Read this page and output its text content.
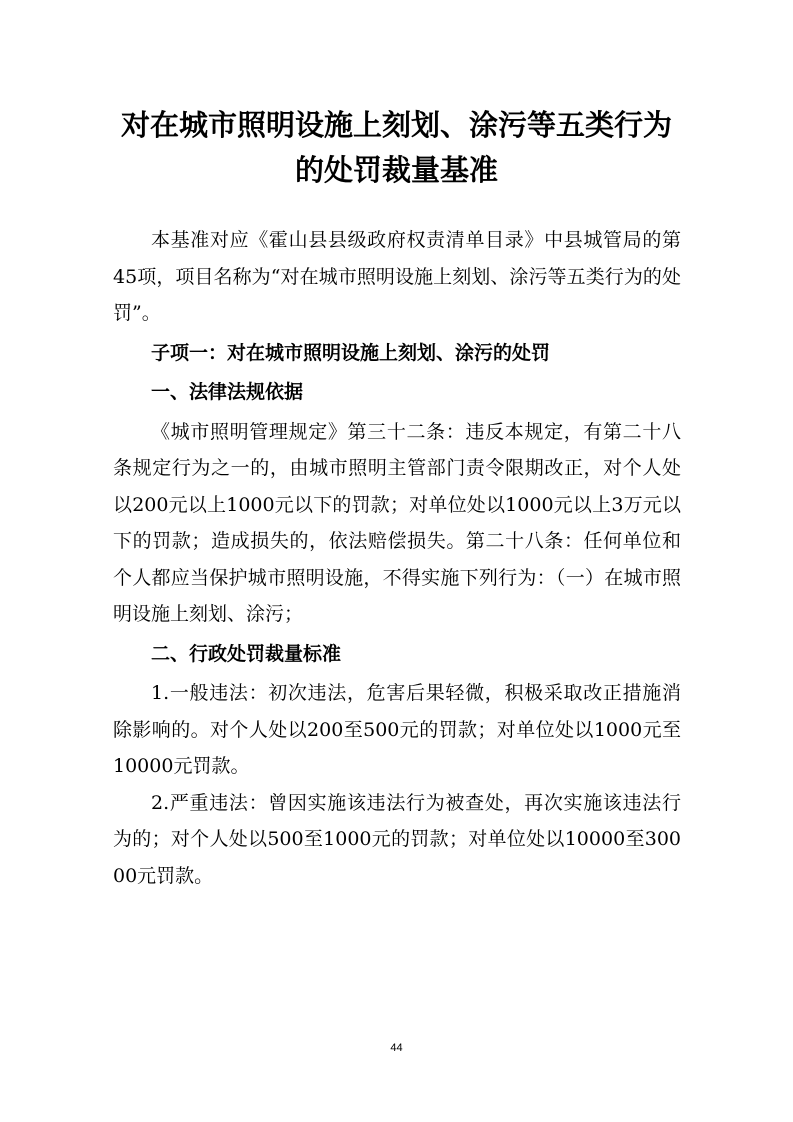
对在城市照明设施上刻划、涂污等五类行为
的处罚裁量基准

本基准对应《霍山县县级政府权责清单目录》中县城管局的第 45项，项目名称为“对在城市照明设施上刻划、涂污等五类行为的处罚”。

子项一：对在城市照明设施上刻划、涂污的处罚

一、法律法规依据

《城市照明管理规定》第三十二条：违反本规定，有第二十八条规定行为之一的，由城市照明主管部门责令限期改正，对个人处以200元以上1000元以下的罚款；对单位处以1000元以上3万元以下的罚款；造成损失的，依法赔偿损失。第二十八条：任何单位和个人都应当保护城市照明设施，不得实施下列行为：（一）在城市照明设施上刻划、涂污；

二、行政处罚裁量标准

1.一般违法：初次违法，危害后果轻微，积极采取改正措施消除影响的。对个人处以200至500元的罚款；对单位处以1000元至10000元罚款。

2.严重违法：曾因实施该违法行为被查处，再次实施该违法行为的；对个人处以500至1000元的罚款；对单位处以10000至30000元罚款。

44
